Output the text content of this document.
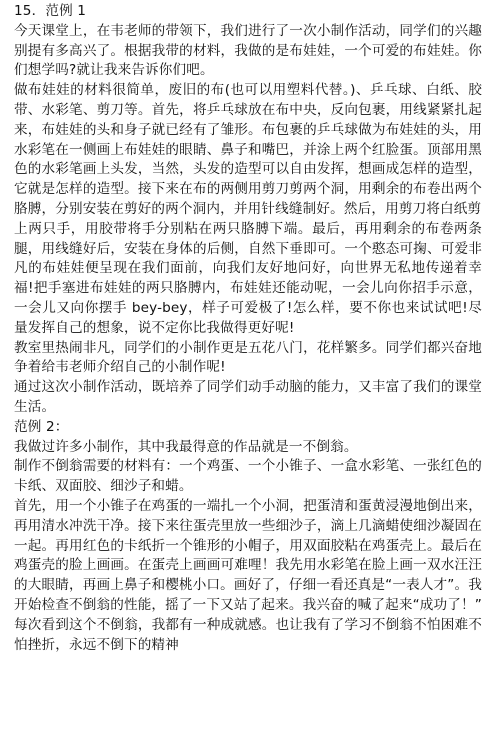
15．范例 1

今天课堂上，在韦老师的带领下，我们进行了一次小制作活动，同学们的兴趣别提有多高兴了。根据我带的材料，我做的是布娃娃，一个可爱的布娃娃。你们想学吗?就让我来告诉你们吧。

做布娃娃的材料很简单，废旧的布(也可以用塑料代替。)、乒乓球、白纸、胶带、水彩笔、剪刀等。首先，将乒乓球放在布中央，反向包裹，用线紧紧扎起来，布娃娃的头和身子就已经有了雏形。布包裹的乒乓球做为布娃娃的头，用水彩笔在一侧画上布娃娃的眼睛、鼻子和嘴巴，并涂上两个红脸蛋。顶部用黑色的水彩笔画上头发，当然，头发的造型可以自由发挥，想画成怎样的造型，它就是怎样的造型。接下来在布的两侧用剪刀剪两个洞，用剩余的布卷出两个胳膊，分别安装在剪好的两个洞内，并用针线缝制好。然后，用剪刀将白纸剪

上两只手，用胶带将手分别粘在两只胳膊下端。最后，再用剩余的布卷两条腿，用线缝好后，安装在身体的后侧，自然下垂即可。一个憨态可掬、可爱非凡的布娃娃便呈现在我们面前，向我们友好地问好，向世界无私地传递着幸福!把手塞进布娃娃的两只胳膊内，布娃娃还能动呢，一会儿向你招手示意，一会儿又向你摆手 bey-bey，样子可爱极了!怎么样，要不你也来试试吧!尽量发挥自己的想象，说不定你比我做得更好呢!

教室里热闹非凡，同学们的小制作更是五花八门，花样繁多。同学们都兴奋地争着给韦老师介绍自己的小制作呢!

通过这次小制作活动，既培养了同学们动手动脑的能力，又丰富了我们的课堂生活。

范例 2：

我做过许多小制作，其中我最得意的作品就是一不倒翁。

制作不倒翁需要的材料有：一个鸡蛋、一个小锥子、一盒水彩笔、一张红色的卡纸、双面胶、细沙子和蜡。

首先，用一个小锥子在鸡蛋的一端扎一个小洞，把蛋清和蛋黄浸漫地倒出来，再用清水冲洗干净。接下来往蛋壳里放一些细沙子，滴上几滴蜡使细沙凝固在一起。再用红色的卡纸折一个锥形的小帽子，用双面胶粘在鸡蛋壳上。最后在鸡蛋壳的脸上画画。在蛋壳上画画可难哩！我先用水彩笔在脸上画一双水汪汪的大眼睛，再画上鼻子和樱桃小口。画好了，仔细一看还真是“一表人才”。我开始检查不倒翁的性能，摇了一下又站了起来。我兴奋的喊了起来“成功了！”

每次看到这个不倒翁，我都有一种成就感。也让我有了学习不倒翁不怕困难不怕挫折，永远不倒下的精神
